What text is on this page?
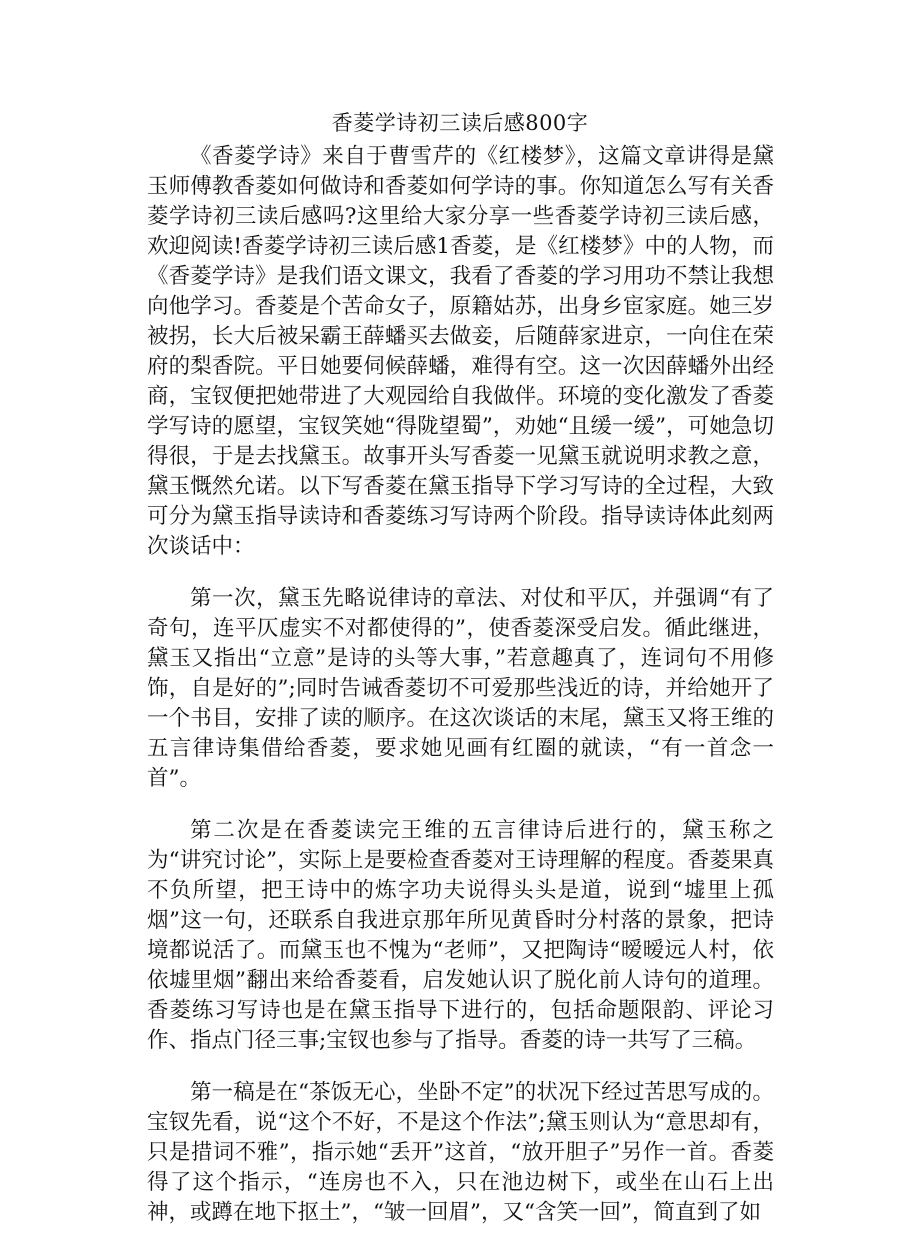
香菱学诗初三读后感800字

《香菱学诗》来自于曹雪芹的《红楼梦》，这篇文章讲得是黛玉师傅教香菱如何做诗和香菱如何学诗的事。你知道怎么写有关香菱学诗初三读后感吗?这里给大家分享一些香菱学诗初三读后感，欢迎阅读!香菱学诗初三读后感1香菱，是《红楼梦》中的人物，而《香菱学诗》是我们语文课文，我看了香菱的学习用功不禁让我想向他学习。香菱是个苦命女子，原籍姑苏，出身乡宦家庭。她三岁被拐，长大后被呆霸王薛蟠买去做妾，后随薛家进京，一向住在荣府的梨香院。平日她要伺候薛蟠，难得有空。这一次因薛蟠外出经商，宝钗便把她带进了大观园给自我做伴。环境的变化激发了香菱学写诗的愿望，宝钗笑她“得陇望蜀”，劝她“且缓一缓”，可她急切得很，于是去找黛玉。故事开头写香菱一见黛玉就说明求教之意，黛玉慨然允诺。以下写香菱在黛玉指导下学习写诗的全过程，大致可分为黛玉指导读诗和香菱练习写诗两个阶段。指导读诗体此刻两次谈话中：

第一次，黛玉先略说律诗的章法、对仗和平仄，并强调“有了奇句，连平仄虚实不对都使得的”，使香菱深受启发。循此继进，黛玉又指出“立意”是诗的头等大事，”若意趣真了，连词句不用修饰，自是好的”;同时告诫香菱切不可爱那些浅近的诗，并给她开了一个书目，安排了读的顺序。在这次谈话的末尾，黛玉又将王维的五言律诗集借给香菱，要求她见画有红圈的就读，“有一首念一首”。

第二次是在香菱读完王维的五言律诗后进行的，黛玉称之为“讲究讨论”，实际上是要检查香菱对王诗理解的程度。香菱果真不负所望，把王诗中的炼字功夫说得头头是道，说到“墟里上孤烟”这一句，还联系自我进京那年所见黄昏时分村落的景象，把诗境都说活了。而黛玉也不愧为“老师”，又把陶诗“暧暧远人村，依依墟里烟”翻出来给香菱看，启发她认识了脱化前人诗句的道理。香菱练习写诗也是在黛玉指导下进行的，包括命题限韵、评论习作、指点门径三事;宝钗也参与了指导。香菱的诗一共写了三稿。

第一稿是在“茶饭无心，坐卧不定”的状况下经过苦思写成的。宝钗先看，说“这个不好，不是这个作法”;黛玉则认为“意思却有，只是措词不雅”，指示她“丢开”这首，“放开胆子”另作一首。香菱得了这个指示，“连房也不入，只在池边树下，或坐在山石上出神，或蹲在地下抠土”，“皱一回眉”，又“含笑一回”，简直到了如
